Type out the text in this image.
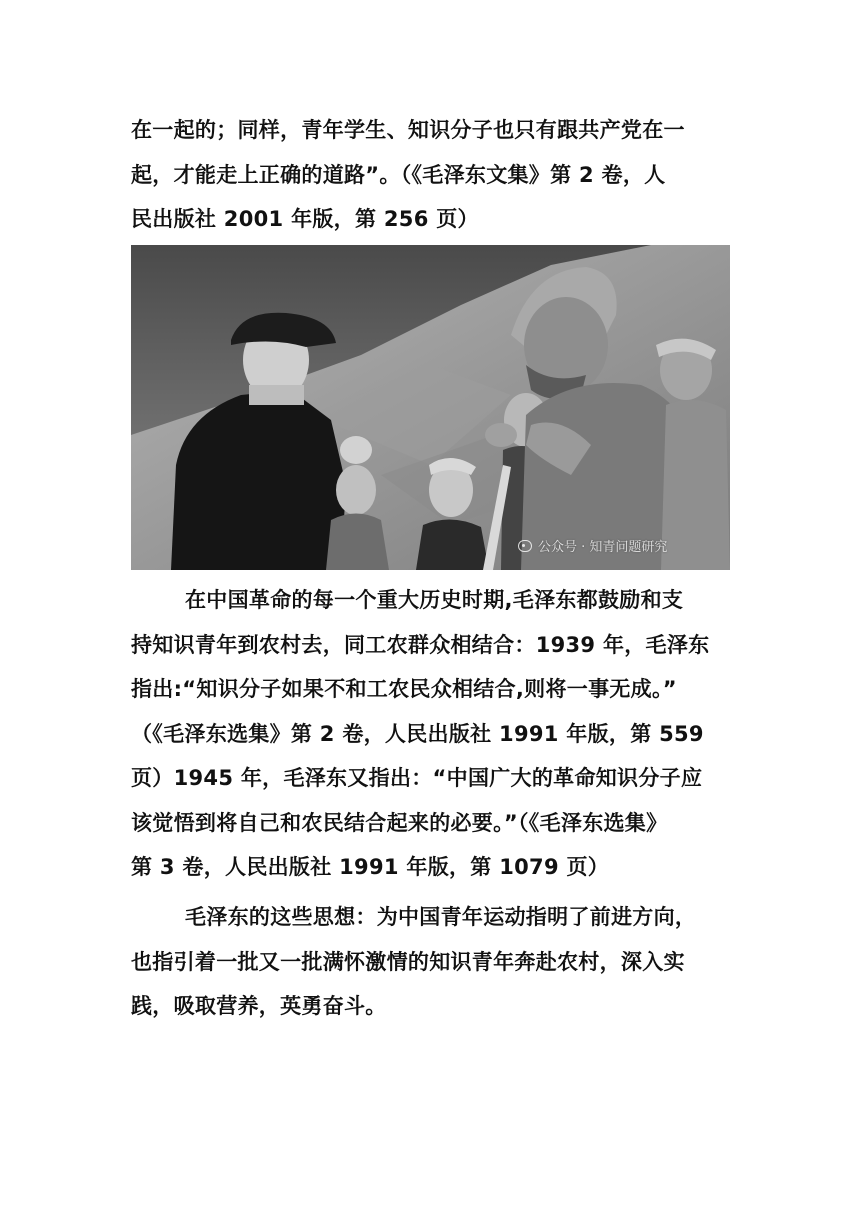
在一起的；同样，青年学生、知识分子也只有跟共产党在一
起，才能走上正确的道路”。（《毛泽东文集》第 2 卷，人
民出版社 2001 年版，第 256 页）
公众号 · 知青问题研究
在中国革命的每一个重大历史时期,毛泽东都鼓励和支
持知识青年到农村去，同工农群众相结合：1939 年，毛泽东
指出:“知识分子如果不和工农民众相结合,则将一事无成。”
（《毛泽东选集》第 2 卷，人民出版社 1991 年版，第 559
页）1945 年，毛泽东又指出：“中国广大的革命知识分子应
该觉悟到将自己和农民结合起来的必要。”（《毛泽东选集》
第 3 卷，人民出版社 1991 年版，第 1079 页）
毛泽东的这些思想：为中国青年运动指明了前进方向，
也指引着一批又一批满怀激情的知识青年奔赴农村，深入实
践，吸取营养，英勇奋斗。
